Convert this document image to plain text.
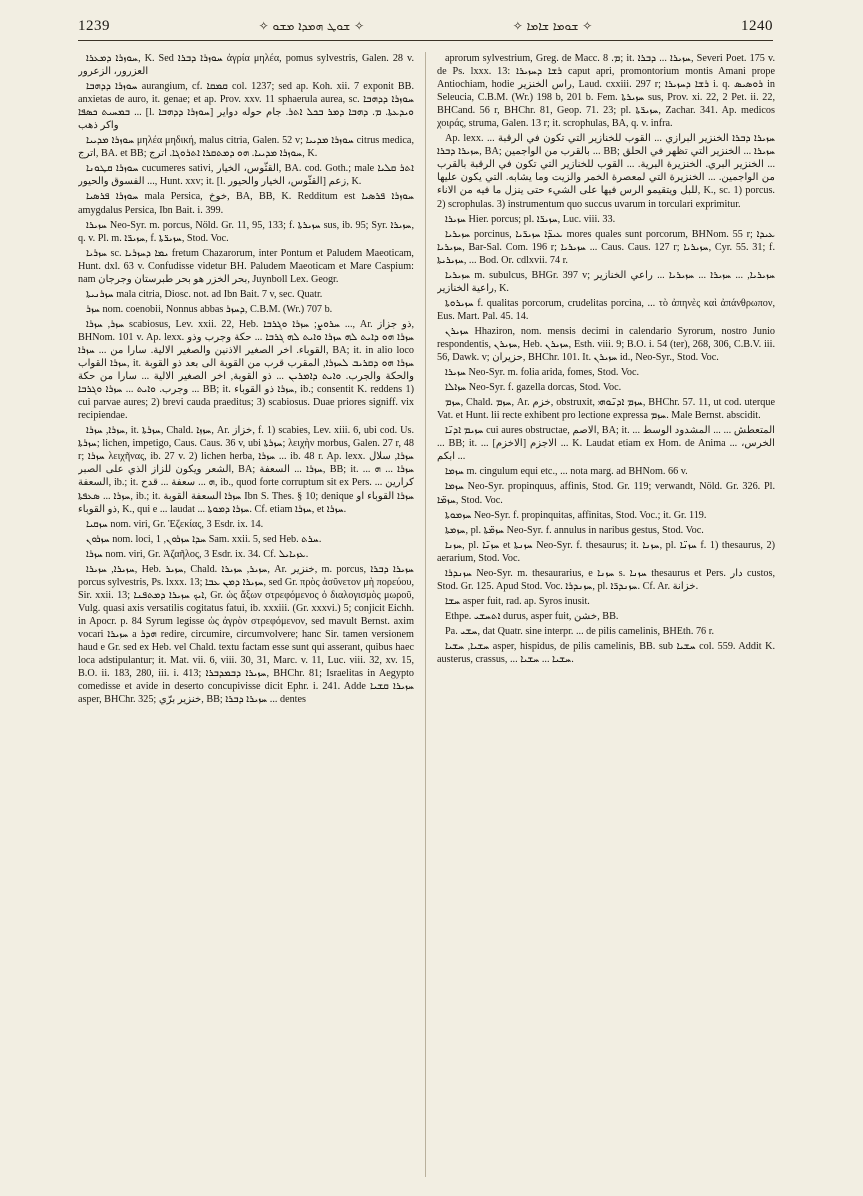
1239	✧ ܫܘܛ ܗܡܕܐ ܡܫܘ ✧	✧ ܫܘܡܐ ܫܐܡܐ ✧	1240

ܚܘܙܪܐ ܕܡܥܪܐ, K. Sed ܚܘܙܪܐ ܕܒܪܐ ἀγρία μηλέα, pomus sylvestris, Galen. 28 v. العزرور، الزعرور

ܚܘܙܪܐ ܕܕܗܒܐ aurangium, cf. ܩܡܩܐ col. 1237; sed ap. Koh. xii. 7 exponit BB. anxietas de auro, it. genae; et ap. Prov. xxv. 11 sphaerula aurea, sc. ܚܘܙܪܐ ܕܕܗܒܐ ܒܡܚܝܬ ܟܣܦܐ ... [l. ܚܘܙܪܐ ܕܕܗܒܐ] ܘܝܕܥܬܐ. ܡ. ܕܗܒܐ ܕܡܪ ܒܟܠ ܐܬܪ. جام حوله دوایر واکر ذهب

ܚܘܙܪܐ ܡܕܝܝܐ μηλέα μηδική, malus citria, Galen. 52 v; ܚܘܙܪܐ ܡܕܝܝܐ citrus medica, اترج, BA. et BB; ܚܘܙܪܐ ܡܕܝܝܐ. ܗܘ ܕܡܬܩܪܐ ܐܬܪܘܓܐ. اترج, K.

ܚܘܙܪܐ ܩܛܘܢܐ cucumeres sativi, القثّوس، الخيار, BA. cod. Goth.; male ܐܬܪ ܩܠܝܐ ... الفسوق والحيور, Hunt. xxv; it. [l. القثّوس، الخيار والحيور] زعم, K.

ܚܘܙܪܐ ܦܪܣܝܐ mala Persica, خوخ, BA, BB, K. Redditum est ܚܘܙܪܐ ܦܪܣܝܐ amygdalus Persica, Ibn Bait. i. 399.

ܚܙܝܪܐ Neo-Syr. m. porcus, Nöld. Gr. 11, 95, 133; f. ܚܙܝܪܬܐ sus, ib. 95; Syr. ܚܙܝܪܐ, q. v. Pl. m. ܚܙܝܪ̈ܐ, f. ܚܙܝܪ̈ܬܐ, Stod. Voc.

ܚܙܪܝܐ sc. ܝܡܐ ܕܚܙܪܝܐ fretum Chazarorum, inter Pontum et Paludem Maeoticam, Hunt. dxl. 63 v. Confudisse videtur BH. Paludem Maeoticam et Mare Caspium: nam بحر الخزر هو بحر طبرستان وجرجان, Juynboll Lex. Geogr.

ܚܙܪܢܝܬܐ mala citria, Diosc. not. ad Ibn Bait. 7 v, sec. Quatr.

ܚܙܪ nom. coenobii, Nonnus abbas ܕܚܙܪ, C.B.M. (Wr.) 707 b.

ܚܙܪ, ܚܙܪܐ scabiosus, Lev. xxii. 22, Heb. ܚܪܘܨ; ܚܙܪܐ ܘܓܪܒܐ ..., Ar. ذو جزاز, BHNom. 101 v. Ap. lexx. ܚܙܪܐ ܗܘ ܕܐܝܬ ܠܗ ܚܙܪܐ ܘܐܝܬ ܠܗ ܓܪܒܐ ... حكة وجرب وذو القوباء. اخر الصغير الاذنين والصغير الالية. سارا من ... ܚܙܪܐ, BA; it. in alio loco ܚܙܪܐ القواب, it. ܚܙܪܐ ܗܘ ܕܩܪܝܒ ܠܚܙܪܐ, المقرب قرب من القوبة الى بعد ذو القوبة والحكة والجرب. ܘܐܝܬ ܕܐܡܪܝܢ ... ذو القوبة, اخر الصغير الالية ... سارا من حكة وجرب. ܘܐܝܬ ... ܚܙܪܐ ܘܓܪܒܐ ... BB; it. ܚܙܪܐ ذو القوباء, ib.; consentit K. reddens 1) cui parvae aures; 2) brevi cauda praeditus; 3) scabiosus. Duae priores signiff. vix recipiendae.

ܚܙܪܐ, ܚܙܪܐ, it. ܚܙܪܬܐ, Chald. ܚܙܙܐ, Ar. خزاز, f. 1) scabies, Lev. xiii. 6, ubi cod. Us. ܚܙܪܬܐ; lichen, impetigo, Caus. Caus. 36 v, ubi ܚܙܪܬܐ; λειχὴν morbus, Galen. 27 r, 48 r; ܚܙܪܐ λειχῆνας, ib. 27 v. 2) lichen herba, ܚܙܪܐ ... ib. 48 r. Ap. lexx. ܚܙܪܐ, سلال الشعر ويكون للزاز الذي على الصبر, BA; ܚܙܪܐ ... السعفة, BB; it. ܚܙܪܐ ... ܗ ... السعفة, ib.; it. ܗ ... سعفة ... قدح, ib., quod forte corruptum sit ex Pers. كرارين ... ܚܙܪܐ ... ܣܥܦܬܐ, ib.; it. ܚܙܪܐ السعفة القوبة Ibn S. Thes. § 10; denique ܚܙܪܐ القوباء او ذو القوباء, K., qui e ... laudat ... ܚܙܪܐ ܕܡܘܬܐ. Cf. etiam ܚܙܪܐ, et ܚܙܪܐ.

ܚܙܩܝܐ nom. viri, Gr. Ἐζεκίας, 3 Esdr. ix. 14.

ܚܙܪܘܢ nom. loci, ܚܕܐ ܚܙܪܘܢ, 1 Sam. xxii. 5, sed Heb. ܚܪܬ.

ܚܙܪܐ nom. viri, Gr. Ἀζαῆλος, 3 Esdr. ix. 34. Cf. ܥܙܝܐܝܠ.

ܚܙܝܪܐ, ܚܙܝܪܐ, Heb. ܚܙܝܪ, Chald. ܚܙܝܪ, ܚܙܝܪܐ, Ar. خنزير, m. porcus, ܚܙܝܪܐ ܕܒܪܐ porcus sylvestris, Ps. lxxx. 13; ܚܙܝܪܐ ܕܡܢ ܥܒܐ, sed Gr. πρὸς ἀσῦνετον μὴ πορεύου, Sir. xxii. 13; ܐܝܟ ܚܙܝܪܐ ܕܡܬܦܢܐ, Gr. ὡς ἄξων στρεφόμενος ὁ διαλογισμὸς μωροῦ, Vulg. quasi axis versatilis cogitatus fatui, ib. xxxiii. (Gr. xxxvi.) 5; conjicit Eichh. in Apocr. p. 84 Syrum legisse ὡς ἀγρὸν στρεφόμενον, sed mavult Bernst. axim vocari ܚܙܝܪܐ a ܗܕܪ redire, circumire, circumvolvere; hanc Sir. tamen versionem haud e Gr. sed ex Heb. vel Chald. textu factam esse sunt qui asserant, quibus haec loca adstipulantur; it. Mat. vii. 6, viii. 30, 31, Marc. v. 11, Luc. viii. 32, xv. 15, B.O. ii. 183, 280, iii. i. 413; ܚܙܝܪܐ ܕܒܡܕܒܪܐ, BHChr. 81; Israelitas in Aegypto comedisse et avide in deserto concupivisse dicit Ephr. i. 241. Adde ܚܙܝܪܐ ܩܫܝܐ asper, BHChr. 325; خنزير برّي, BB; ܚܙܝܪܐ ܕܒܪܐ ... dentes

aprorum sylvestrium, Greg. de Macc. ܡ. 8; it. ܚܙܝܪܐ ... ܕܒܪܐ, Severi Poet. 175 v. de Ps. lxxx. 13: ܪܫܐ ܕܚܙܝܪܐ caput apri, promontorium montis Amani prope Antiochiam, hodie راس الخنزير, Laud. cxxiii. 297 r; ܪܫܐ ܕܚܙܝܪܐ i. q. ܪܘܣܝܣ in Seleucia, C.B.M. (Wr.) 198 b, 201 b. Fem. ܚܙܝܪܬܐ sus, Prov. xi. 22, 2 Pet. ii. 22, BHCand. 56 r, BHChr. 81, Geop. 71. 23; pl. ܚܙܝܪ̈ܬܐ, Zachar. 341. Ap. medicos χοιράς, struma, Galen. 13 r; it. scrophulas, BA, q. v. infra.

Ap. lexx. ܚܙܝܪܐ ܕܒܪܐ الخنزير البرازي ... القوب للخنازير التي تكون في الرقبة ... ܚܙܝܪܐ ܕܒܪܐ, BA; بالقرب من الواجمين ... BB; ܚܙܝܪܐ ... الخنزير التي تظهر في الحلق ... الخنزير البري. الخنزيرة البرية. ... القوب للخنازير التي تكون في الرقبة بالقرب من الواجمين. ... الخنزيرة التي لمعصرة الخمر والزيت وما يشابه. التي يكون عليها للبل ويتقيمو الرس فيها على الشيء حتى ينزل ما فيه من الاناء, K., sc. 1) porcus. 2) scrophulas. 3) instrumentum quo succus uvarum in torculari exprimitur.

ܚܙܝܪܐ Hier. porcus; pl. ܚܙܝܪ̈ܐ, Luc. viii. 33.

ܚܙܝܪܝܐ porcinus, ܥܝܕ̈ܐ ܚܙܝܪ̈ܝܐ mores quales sunt porcorum, BHNom. 55 r; ܥܝܕܐ ܚܙܝܪܝܐ, Bar-Sal. Com. 196 r; ܚܙܝܪܝܐ ... Caus. Caus. 127 r; ܚܙܝܪܝܐ, Cyr. 55. 31; f. ܚܙܝܪܝܬܐ, ... Bod. Or. cdlxvii. 74 r.

ܚܙܝܪܝܐ m. subulcus, BHGr. 397 v; ܚܙܝܪܝܐ, ... ܚܙܝܪܐ ... ܚܙܝܪܝܐ ... راعي الخنازير راعية الخنازير, K.

ܚܙܝܪܘܬܐ f. qualitas porcorum, crudelitas porcina, ... τὸ ἀπηνὲς καὶ ἀπάνθρωπον, Eus. Mart. Pal. 45. 14.

ܚܙܝܪܢ Hhaziron, nom. mensis decimi in calendario Syrorum, nostro Junio respondentis, ܚܙܝܪܢ, Heb. ܚܙܝܪܢ, Esth. viii. 9; B.O. i. 54 (ter), 268, 306, C.B.V. iii. 56, Dawk. v; حزيران, BHChr. 101. It. ܚܙܝܪܢ id., Neo-Syr., Stod. Voc.

ܚܙܝܪܐ Neo-Syr. m. folia arida, fomes, Stod. Voc.

ܚܙܐܠܐ Neo-Syr. f. gazella dorcas, Stod. Voc.

ܚܙܡ, Chald. ܚܙܡ, Ar. خزم, obstruxit, ܚܙܡ ܐܕܢ̈ܘܗܝ, BHChr. 57. 11, ut cod. uterque Vat. et Hunt. lii recte exhibent pro lectione expressa ܚܙܡ. Male Bernst. abscidit.

ܚܙܝܡ ܐܕܢ̈ܐ cui aures obstructae, الاصم, BA; it. ... المتعطش ... ... المشدود الوسط ... BB; it. ... الاجزم [الاخزم] ... K. Laudat etiam ex Hom. de Anima ... الخرس، ابكم ...

ܚܙܡܐ m. cingulum equi etc., ... nota marg. ad BHNom. 66 v.

ܚܙܡܐ Neo-Syr. propinquus, affinis, Stod. Gr. 119; verwandt, Nöld. Gr. 326. Pl. ܚܙܡ̈ܐ, Stod. Voc.

ܚܙܡܘܬܐ Neo-Syr. f. propinquitas, affinitas, Stod. Voc.; it. Gr. 119.

ܚܙܡܬܐ, pl. ܚܙܡ̈ܬܐ Neo-Syr. f. annulus in naribus gestus, Stod. Voc.

ܚܙܢܐ, pl. ܚܙܢ̈ܐ et ܚܙܢܬܐ Neo-Syr. f. thesaurus; it. ܚܙܢܐ, pl. ܚܙܢ̈ܐ f. 1) thesaurus, 2) aerarium, Stod. Voc.

ܚܙܢܕܪܐ Neo-Syr. m. thesaurarius, e ܚܙܢܐ s. ܚܙܢܐ thesaurus et Pers. دار custos, Stod. Gr. 125. Apud Stod. Voc. ܚܙܢܕܪܐ, pl. ܚܙܢܕܪ̈ܐ. Cf. Ar. خزانة.

ܚܫܐ asper fuit, rad. ap. Syros inusit.

Ethpe. ܐܬܚܫܝ durus, asper fuit, خشن, BB.

Pa. ܚܫܝ, dat Quatr. sine interpr. ... de pilis camelinis, BHEth. 76 r.

ܚܫܝܐ, ܚܫܝܐ asper, hispidus, de pilis camelinis, BB. sub ܚܫܝܐ col. 559. Addit K. austerus, crassus, ... ܚܫܝܐ ... ܚܫܝܐ.
